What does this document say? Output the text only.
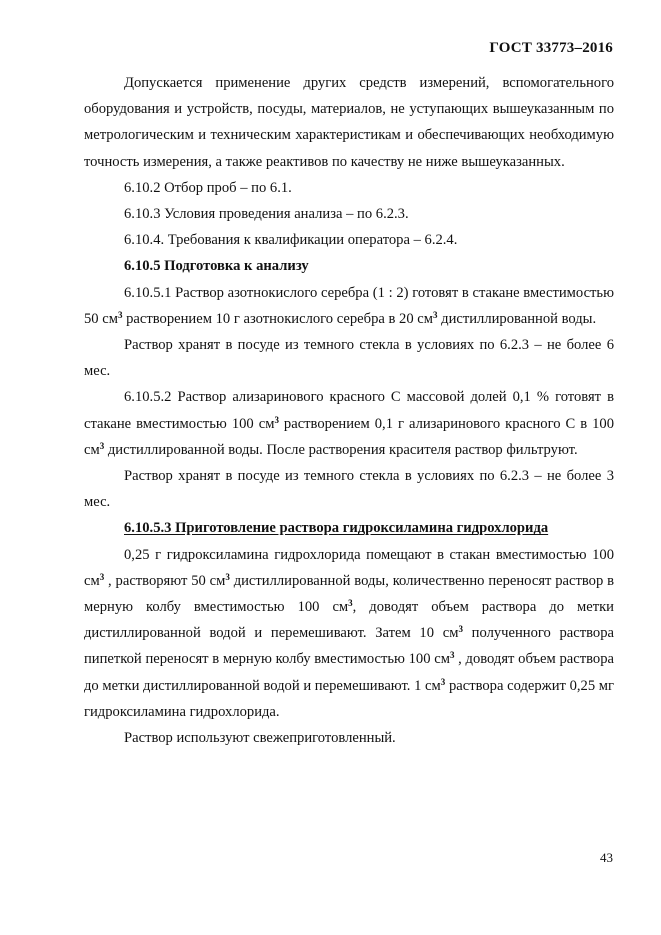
ГОСТ 33773–2016

Допускается применение других средств измерений, вспомогательного оборудования и устройств, посуды, материалов, не уступающих вышеуказанным по метрологическим и техническим характеристикам и обеспечивающих необходимую точность измерения, а также реактивов по качеству не ниже вышеуказанных.

6.10.2 Отбор проб – по 6.1.

6.10.3 Условия проведения анализа – по 6.2.3.

6.10.4. Требования к квалификации оператора – 6.2.4.

6.10.5 Подготовка к анализу

6.10.5.1 Раствор азотнокислого серебра (1 : 2) готовят в стакане вместимостью 50 $см^3$ растворением 10 г азотнокислого серебра в 20 $см^3$ дистиллированной воды.

Раствор хранят в посуде из темного стекла в условиях по 6.2.3 – не более 6 мес.

6.10.5.2 Раствор ализаринового красного С массовой долей 0,1 % готовят в стакане вместимостью 100 $см^3$ растворением 0,1 г ализаринового красного С в 100 $см^3$ дистиллированной воды. После растворения красителя раствор фильтруют.

Раствор хранят в посуде из темного стекла в условиях по 6.2.3 – не более 3 мес.

6.10.5.3 Приготовление раствора гидроксиламина гидрохлорида

0,25 г гидроксиламина гидрохлорида помещают в стакан вместимостью 100 $см^3$ , растворяют 50 $см^3$ дистиллированной воды, количественно переносят раствор в мерную колбу вместимостью 100 $см^3$, доводят объем раствора до метки дистиллированной водой и перемешивают. Затем 10 $см^3$ полученного раствора пипеткой переносят в мерную колбу вместимостью 100 $см^3$ , доводят объем раствора до метки дистиллированной водой и перемешивают. 1 $см^3$ раствора содержит 0,25 мг гидроксиламина гидрохлорида.

Раствор используют свежеприготовленный.

43
